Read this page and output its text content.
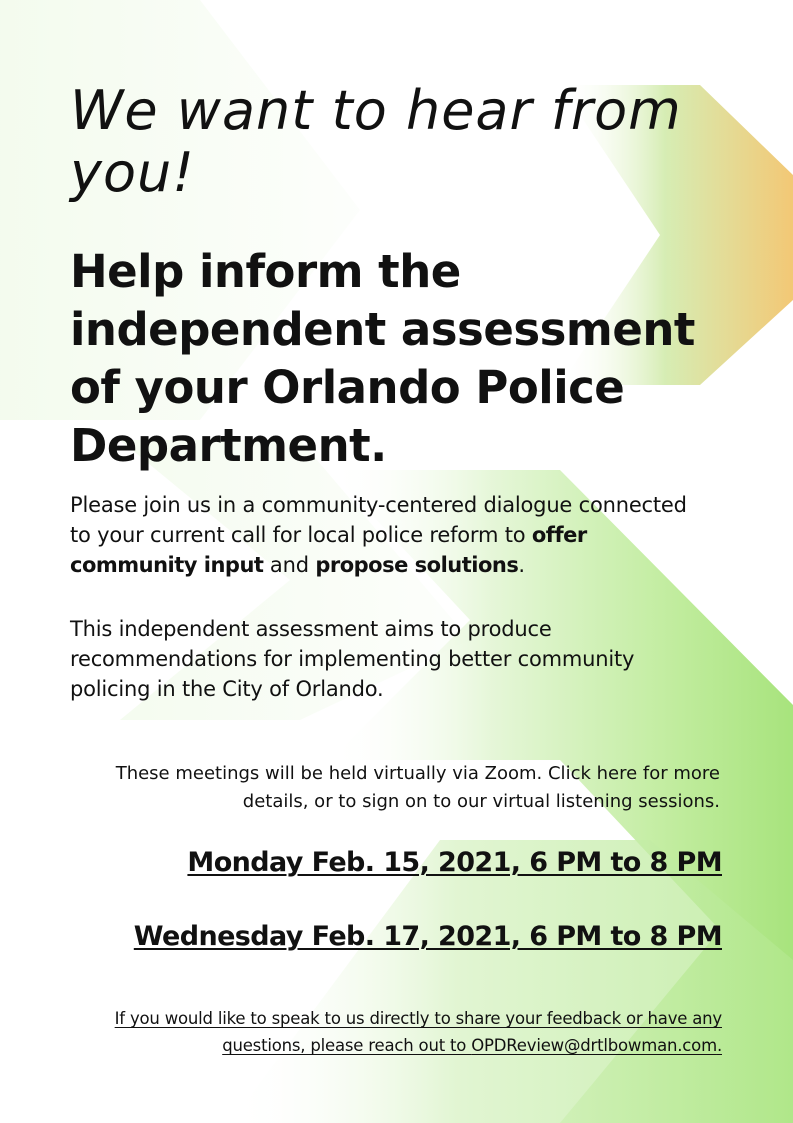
We want to hear from you!
Help inform the independent assessment of your Orlando Police Department.

Please join us in a community-centered dialogue connected to your current call for local police reform to offer community input and propose solutions.

This independent assessment aims to produce recommendations for implementing better community policing in the City of Orlando.

These meetings will be held virtually via Zoom. Click here for more details, or to sign on to our virtual listening sessions.

Monday Feb. 15, 2021, 6 PM to 8 PM

Wednesday Feb. 17, 2021, 6 PM to 8 PM

If you would like to speak to us directly to share your feedback or have any questions, please reach out to OPDReview@drtlbowman.com.
